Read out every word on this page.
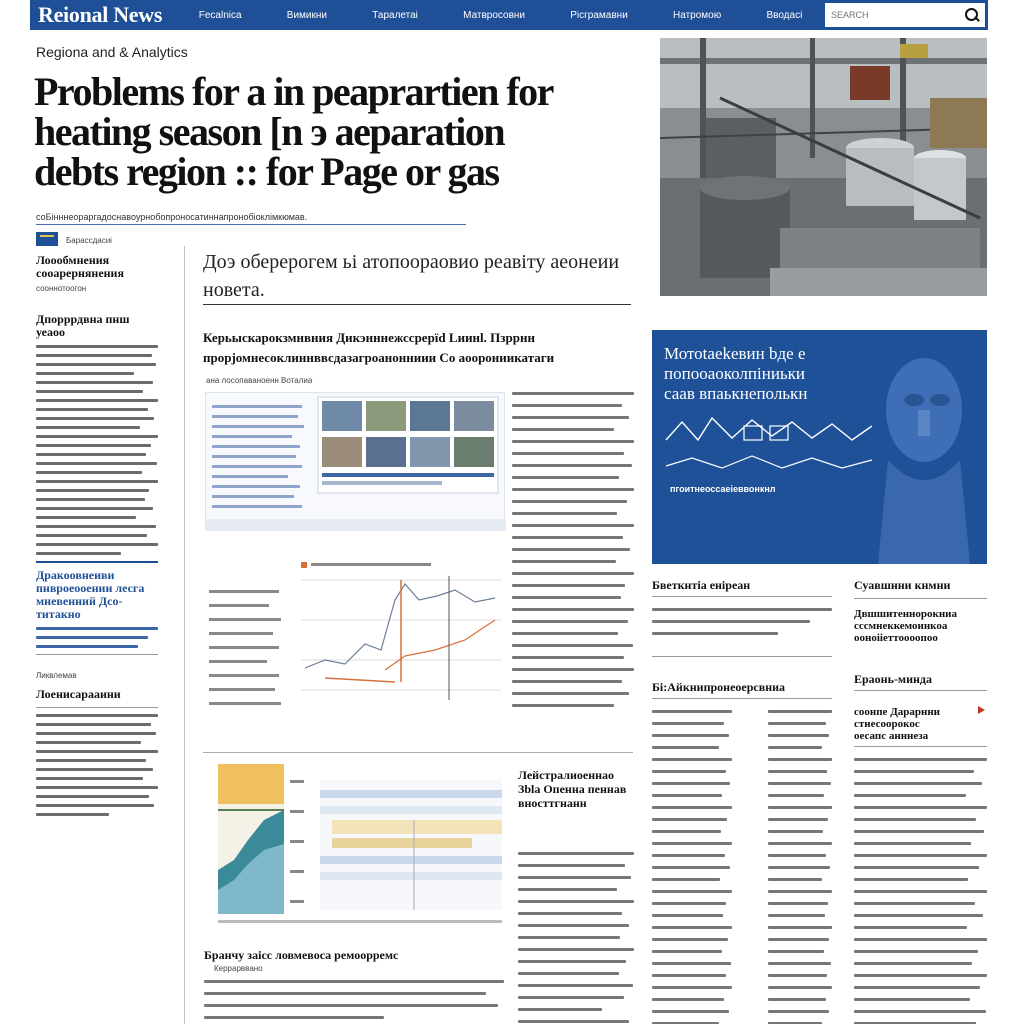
Reional News	Fecalnica	Вимикни	Таралетаі	Матвросовни	Рісграмавни	Натромою	Вводасі
SEARCH
Regiona and & Analytics
Problems for a in peaprartien for
heating season [n э aeparation
debts region :: for Page or gas
соБінннеораргадоснавоурнобопроносатиннапронобіоклімкюмав.
Барассдасиі
Лоообмнения сооарернянения
сооннотоогон
Дпорррдвна пнш уеаоо
Дракоовнеиви пнвроеооении лесга мневенний Дсо-титакно
Ликвлемав
Лоенисарааини
Доэ оберерогем ьі атопоораовио реавіту аеонеии
новета.
Керьыскарокзмнвния Дикэнннежссрерїd Lиинl. Пзррнн
прорјомнесоклиннввсдазагроанонниии Со аоорониикатаги
ана лосопаваноенн Воталиа
Лейстралиоеннао
Зbla Опенна пеннав
вносттгнанн
Бранчу заісс ловмевоса ремоорремс
Керрарввано
Мотоtaekeвин bде е
попооаоколпіниьки
саав впаькнеполькн
пгоитнеоссаеіеввонкнл
Бветкнтіа еніреан	Суавшнни кнмни
Двшшитеннорокниа
сссмнеккемоинкоа
ооноііеттоооопоо
Ераонь-минда
Бі:Айкнипронеоерсвниа
соонпе Дарарнни
стнесоорокос
оесапс анннеза
